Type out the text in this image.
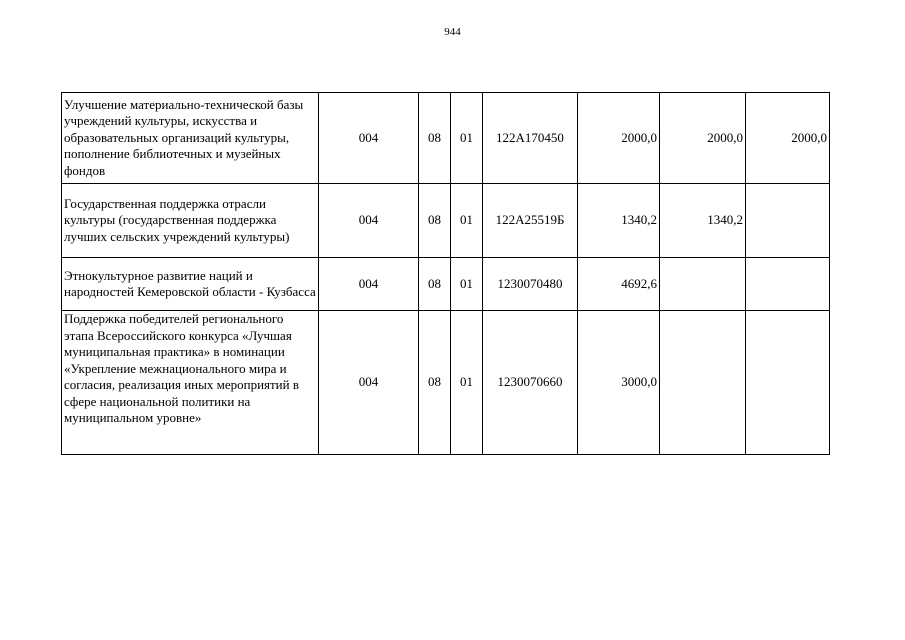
944
Улучшение материально-технической базы учреждений культуры, искусства и образовательных организаций культуры, пополнение библиотечных и музейных фондов	004	08	01	122A170450	2000,0	2000,0	2000,0
Государственная поддержка отрасли культуры (государственная поддержка лучших сельских учреждений культуры)	004	08	01	122A25519Б	1340,2	1340,2	
Этнокультурное развитие наций и народностей Кемеровской области - Кузбасса	004	08	01	1230070480	4692,6		
Поддержка победителей регионального этапа Всероссийского конкурса «Лучшая муниципальная практика» в номинации «Укрепление межнационального мира и согласия, реализация иных мероприятий в сфере национальной политики на муниципальном уровне»	004	08	01	1230070660	3000,0		
